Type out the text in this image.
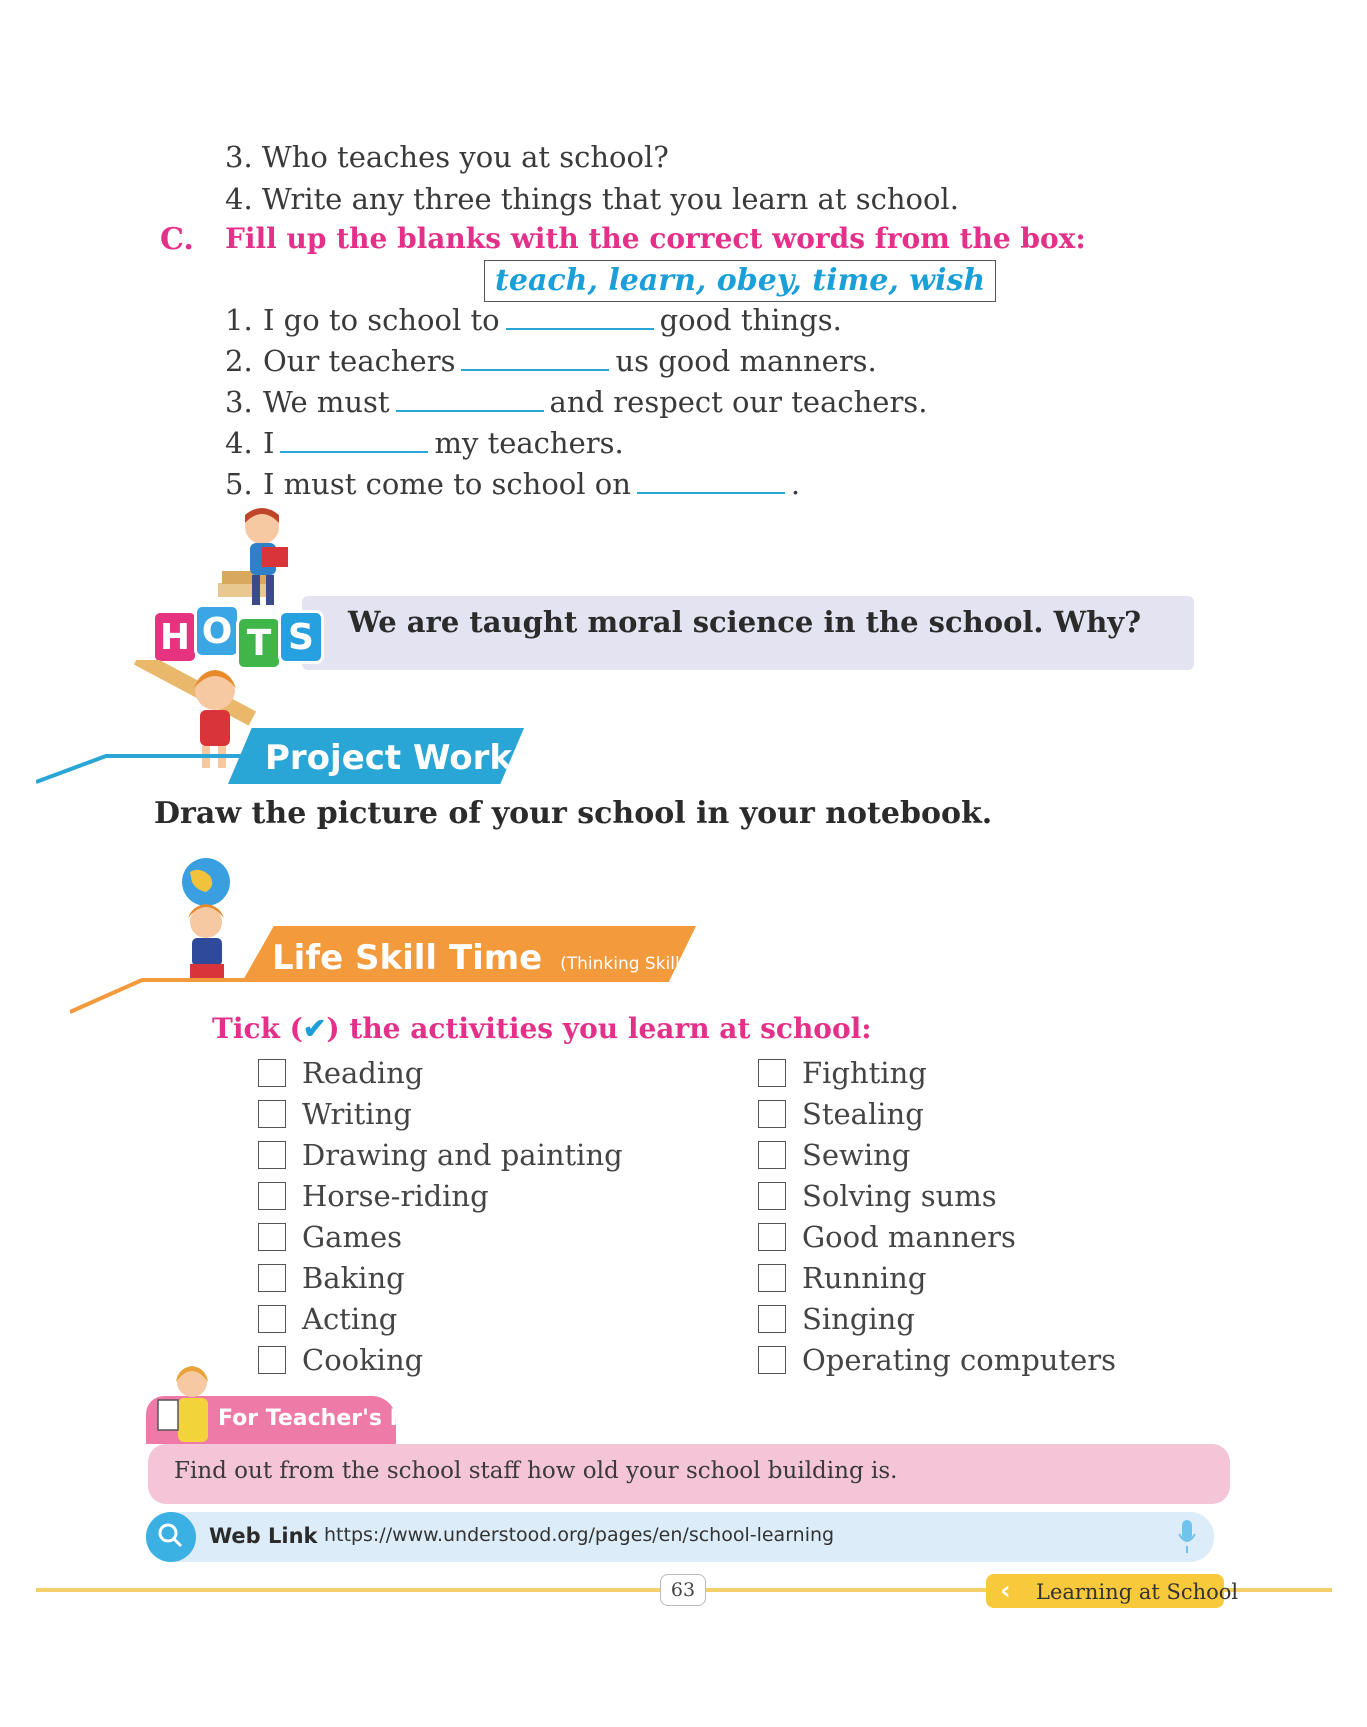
3. Who teaches you at school?
4. Write any three things that you learn at school.
C. Fill up the blanks with the correct words from the box:
teach, learn, obey, time, wish
1. I go to school to	good things.
2. Our teachers	us good manners.
3. We must	and respect our teachers.
4. I	my teachers.
5. I must come to school on	.
We are taught moral science in the school. Why?
H O T S
Project Work
Draw the picture of your school in your notebook.
Life Skill Time (Thinking Skills)
Tick (✔) the activities you learn at school:
Reading
Writing
Drawing and painting
Horse-riding
Games
Baking
Acting
Cooking
Fighting
Stealing
Sewing
Solving sums
Good manners
Running
Singing
Operating computers
For Teacher's Help
Find out from the school staff how old your school building is.
Web Link https://www.understood.org/pages/en/school-learning
63	‹ Learning at School
